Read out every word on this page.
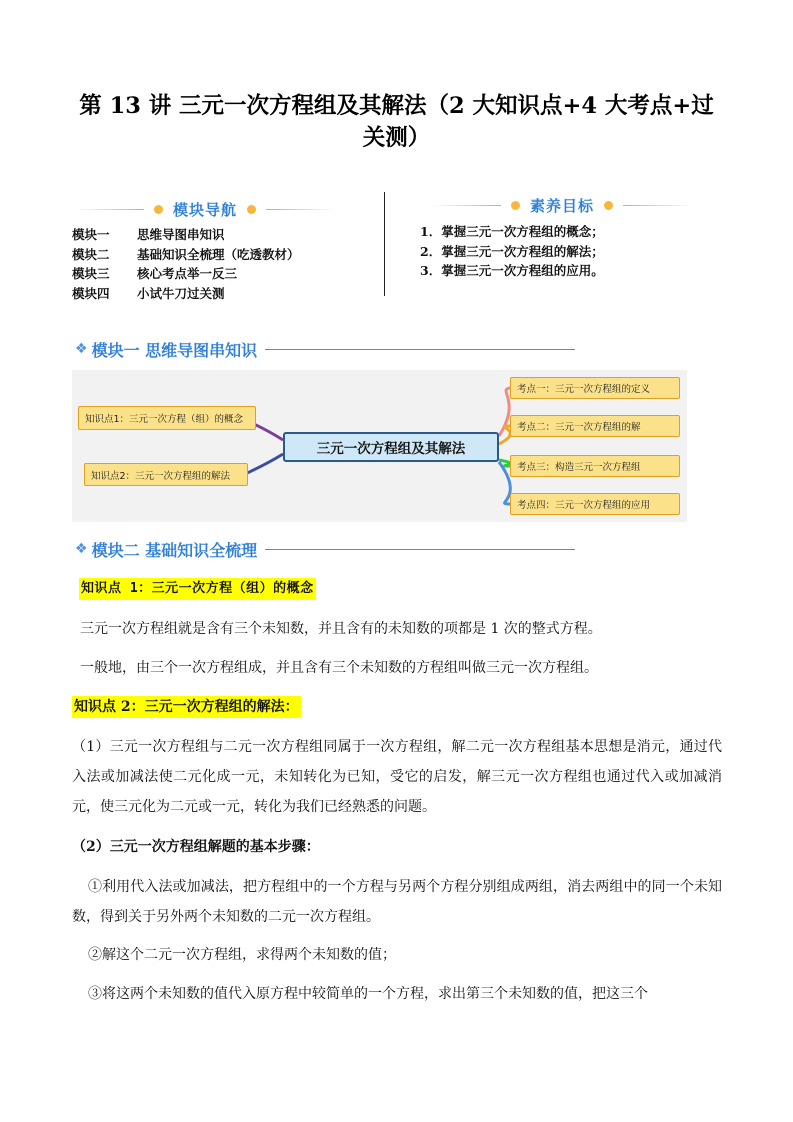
第 13 讲 三元一次方程组及其解法（2 大知识点+4 大考点+过
关测）
模块导航
模块一	思维导图串知识
模块二	基础知识全梳理（吃透教材）
模块三	核心考点举一反三
模块四	小试牛刀过关测
素养目标
1．掌握三元一次方程组的概念；
2．掌握三元一次方程组的解法；
3．掌握三元一次方程组的应用。
❖ 模块一 思维导图串知识
知识点1：三元一次方程（组）的概念
知识点2：三元一次方程组的解法
三元一次方程组及其解法
考点一：三元一次方程组的定义
考点二：三元一次方程组的解
考点三：构造三元一次方程组
考点四：三元一次方程组的应用
❖ 模块二 基础知识全梳理
知识点 1：三元一次方程（组）的概念
三元一次方程组就是含有三个未知数，并且含有的未知数的项都是 1 次的整式方程。
一般地，由三个一次方程组成，并且含有三个未知数的方程组叫做三元一次方程组。
知识点 2：三元一次方程组的解法：
（1）三元一次方程组与二元一次方程组同属于一次方程组，解二元一次方程组基本思想是消元，通过代入法或加减法使二元化成一元，未知转化为已知，受它的启发，解三元一次方程组也通过代入或加减消元，使三元化为二元或一元，转化为我们已经熟悉的问题。
（2）三元一次方程组解题的基本步骤：
①利用代入法或加减法，把方程组中的一个方程与另两个方程分别组成两组，消去两组中的同一个未知数，得到关于另外两个未知数的二元一次方程组。
②解这个二元一次方程组，求得两个未知数的值；
③将这两个未知数的值代入原方程中较简单的一个方程，求出第三个未知数的值，把这三个
